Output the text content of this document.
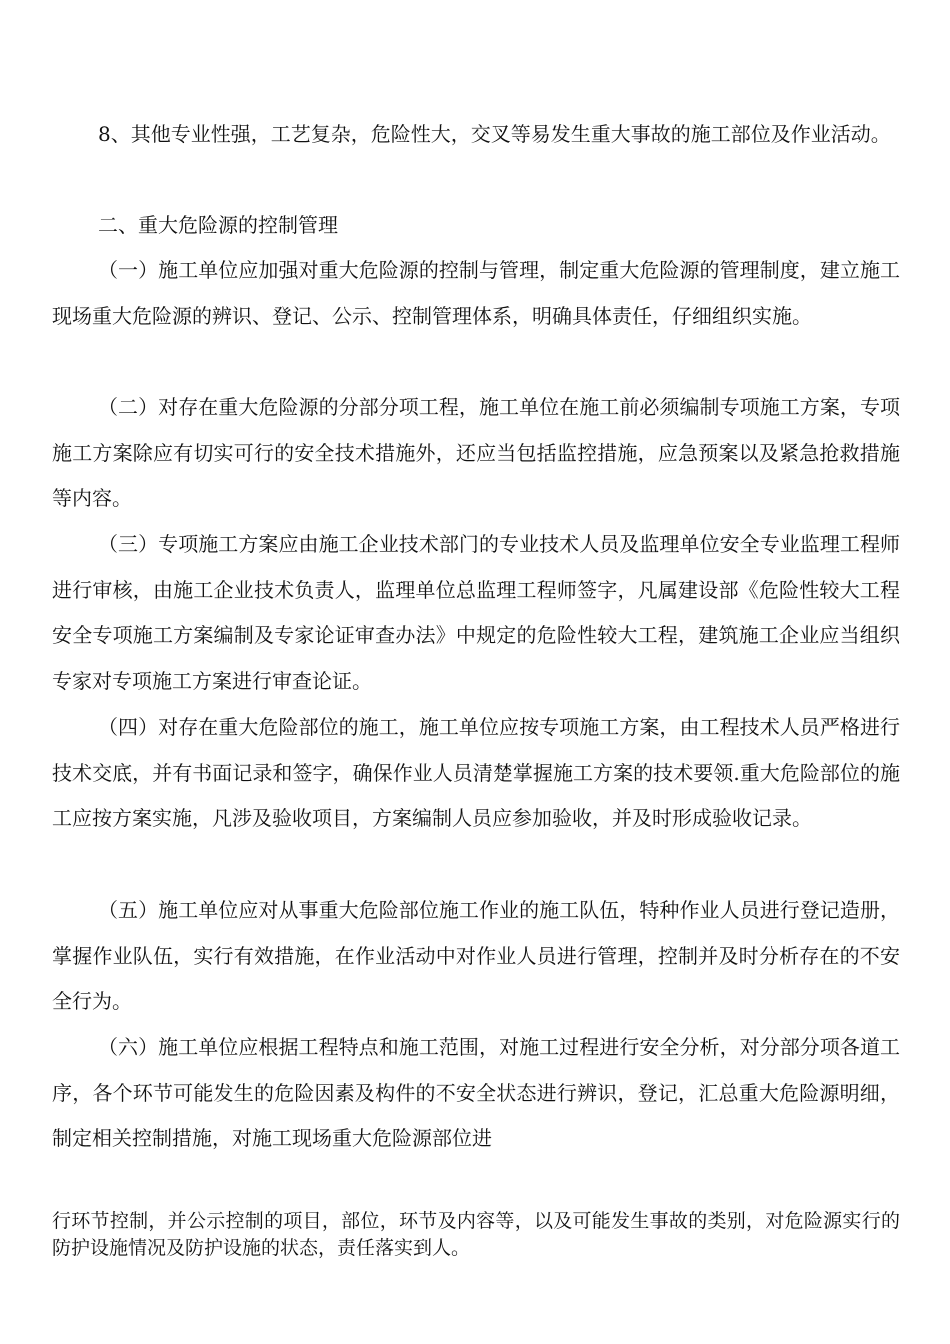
8、其他专业性强，工艺复杂，危险性大，交叉等易发生重大事故的施工部位及作业活动。

二、重大危险源的控制管理

（一）施工单位应加强对重大危险源的控制与管理，制定重大危险源的管理制度，建立施工现场重大危险源的辨识、登记、公示、控制管理体系，明确具体责任，仔细组织实施。

（二）对存在重大危险源的分部分项工程，施工单位在施工前必须编制专项施工方案，专项施工方案除应有切实可行的安全技术措施外，还应当包括监控措施，应急预案以及紧急抢救措施等内容。

（三）专项施工方案应由施工企业技术部门的专业技术人员及监理单位安全专业监理工程师进行审核，由施工企业技术负责人，监理单位总监理工程师签字，凡属建设部《危险性较大工程安全专项施工方案编制及专家论证审查办法》中规定的危险性较大工程，建筑施工企业应当组织专家对专项施工方案进行审查论证。

（四）对存在重大危险部位的施工，施工单位应按专项施工方案，由工程技术人员严格进行技术交底，并有书面记录和签字，确保作业人员清楚掌握施工方案的技术要领.重大危险部位的施工应按方案实施，凡涉及验收项目，方案编制人员应参加验收，并及时形成验收记录。

（五）施工单位应对从事重大危险部位施工作业的施工队伍，特种作业人员进行登记造册，掌握作业队伍，实行有效措施，在作业活动中对作业人员进行管理，控制并及时分析存在的不安全行为。

（六）施工单位应根据工程特点和施工范围，对施工过程进行安全分析，对分部分项各道工序，各个环节可能发生的危险因素及构件的不安全状态进行辨识，登记，汇总重大危险源明细，制定相关控制措施，对施工现场重大危险源部位进

行环节控制，并公示控制的项目，部位，环节及内容等，以及可能发生事故的类别，对危险源实行的防护设施情况及防护设施的状态，责任落实到人。
